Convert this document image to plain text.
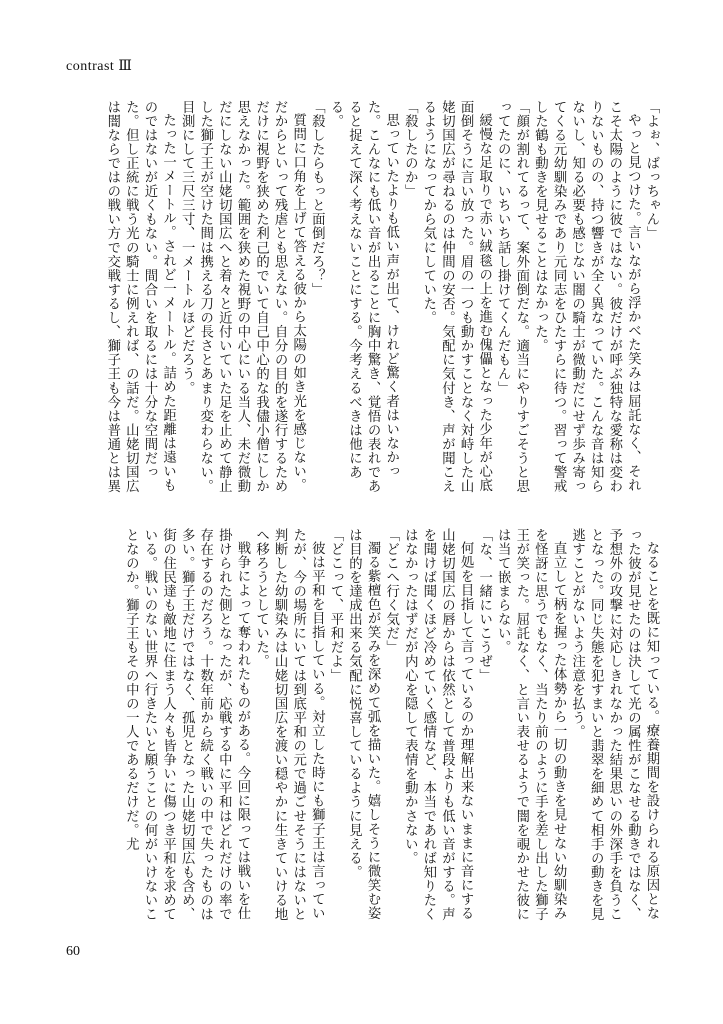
contrast Ⅲ

「よぉ、ばっちゃん」

やっと見つけた。言いながら浮かべた笑みは屈託なく、それこそ太陽のように彼ではない。彼だけが呼ぶ独特な愛称は変わりないものの、持つ響きが全く異なっていた。こんな音は知らないし、知る必要も感じない闇の騎士が微動だにせず歩み寄ってくる元幼馴染みであり元同志をひたすらに待つ。習って警戒した鶴も動きを見せることはなかった。

「顔が割れてるって、案外面倒だな。適当にやりすごそうと思ってたのに、いちいち話し掛けてくんだもん」

緩慢な足取りで赤い絨毯の上を進む傀儡となった少年が心底面倒そうに言い放った。眉の一つも動かすことなく対峙した山姥切国広が尋ねるのは仲間の安否。気配に気付き、声が聞こえるようになってから気にしていた。

「殺したのか」

思っていたよりも低い声が出て、けれど驚く者はいなかった。こんなにも低い音が出ることに胸中驚き、覚悟の表れであると捉えて深く考えないことにする。今考えるべきは他にある。

「殺したらもっと面倒だろ？」

質問に口角を上げて答える彼から太陽の如き光を感じない。だからといって残虐とも思えない。自分の目的を遂行するためだけに視野を狭めた利己的でいて自己中心的な我儘小僧にしか思えなかった。範囲を狭めた視野の中心にいる当人、未だ微動だにしない山姥切国広へと着々と近付いていた足を止めて静止した獅子王が空けた間は携える刀の長さとあまり変わらない。目測にして三尺三寸、一メートルほどだろう。

たった一メートル。されど一メートル。詰めた距離は遠いものではないが近くもない。間合いを取るには十分な空間だった。但し正統に戦う光の騎士に例えれば、の話だ。山姥切国広は闇ならではの戦い方で交戦するし、獅子王も今は普通とは異

なることを既に知っている。療養期間を設けられる原因となった彼が見せたのは決して光の属性がこなせる動きではなく、予想外の攻撃に対応しきれなかった結果思いの外深手を負うことなった。同じ失態を犯すまいと翡翠を細めて相手の動きを見逃すことがないよう注意を払う。

直立して柄を握った体勢から一切の動きを見せない幼馴染みを怪訝に思うでもなく、当たり前のように手を差し出した獅子王が笑った。屈託なく、と言い表せるようで闇を覗かせた彼には当て嵌まらない。

「な、一緒にいこうぜ」

何処を目指して言っているのか理解出来ないままに音にする山姥切国広の唇からは依然として普段よりも低い音がする。声を聞けば聞くほど冷めていく感情など、本当であれば知りたくはなかったはずだが内心を隠して表情を動かさない。

「どこへ行く気だ」

濁る紫檀色が笑みを深めて弧を描いた。嬉しそうに微笑む姿は目的を達成出来る気配に悦喜しているように見える。

「どこって、平和だよ」

彼は平和を目指している。対立した時にも獅子王は言っていたが、今の場所にいては到底平和の元で過ごせそうにはないと判断した幼馴染みは山姥切国広を渡い穏やかに生きていける地へ移ろうとしていた。

戦争によって奪われたものがある。今回に限っては戦いを仕掛けられた側となったが、応戦する中に平和はどれだけの率で存在するのだろう。十数年前から続く戦いの中で失ったものは多い。獅子王だけではなく、孤児となった山姥切国広も含め、街の住民達も敵地に住まう人々も皆争いに傷つき平和を求めている。戦いのない世界へ行きたいと願うことの何がいけないことなのか。獅子王もその中の一人であるだけだ。尤

60
